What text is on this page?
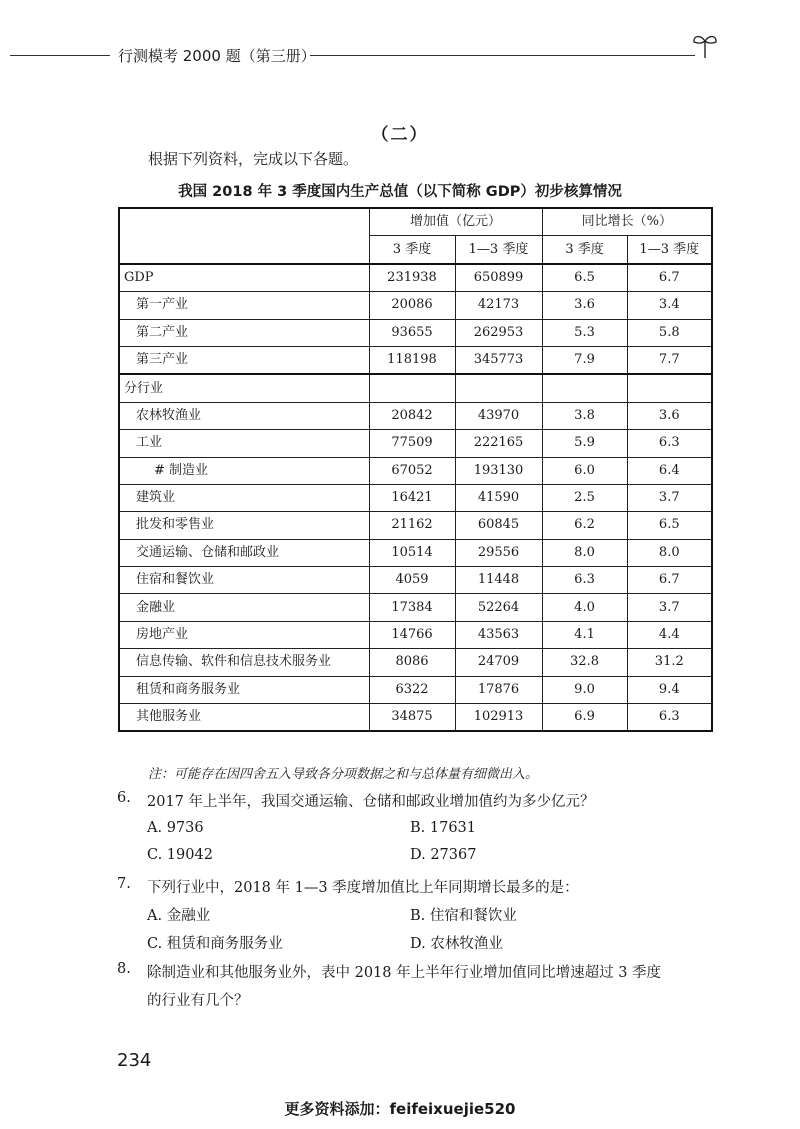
行测模考 2000 题（第三册）
（二）
根据下列资料，完成以下各题。
我国 2018 年 3 季度国内生产总值（以下简称 GDP）初步核算情况
	增加值（亿元）		同比增长（%）	
	3 季度	1—3 季度	3 季度	1—3 季度
GDP	231938	650899	6.5	6.7
第一产业	20086	42173	3.6	3.4
第二产业	93655	262953	5.3	5.8
第三产业	118198	345773	7.9	7.7
分行业				
农林牧渔业	20842	43970	3.8	3.6
工业	77509	222165	5.9	6.3
# 制造业	67052	193130	6.0	6.4
建筑业	16421	41590	2.5	3.7
批发和零售业	21162	60845	6.2	6.5
交通运输、仓储和邮政业	10514	29556	8.0	8.0
住宿和餐饮业	4059	11448	6.3	6.7
金融业	17384	52264	4.0	3.7
房地产业	14766	43563	4.1	4.4
信息传输、软件和信息技术服务业	8086	24709	32.8	31.2
租赁和商务服务业	6322	17876	9.0	9.4
其他服务业	34875	102913	6.9	6.3
注：可能存在因四舍五入导致各分项数据之和与总体量有细微出入。
6. 2017 年上半年，我国交通运输、仓储和邮政业增加值约为多少亿元？
A. 9736	B. 17631
C. 19042	D. 27367
7. 下列行业中，2018 年 1—3 季度增加值比上年同期增长最多的是：
A. 金融业	B. 住宿和餐饮业
C. 租赁和商务服务业	D. 农林牧渔业
8. 除制造业和其他服务业外，表中 2018 年上半年行业增加值同比增速超过 3 季度
的行业有几个？
234
更多资料添加：feifeixuejie520
